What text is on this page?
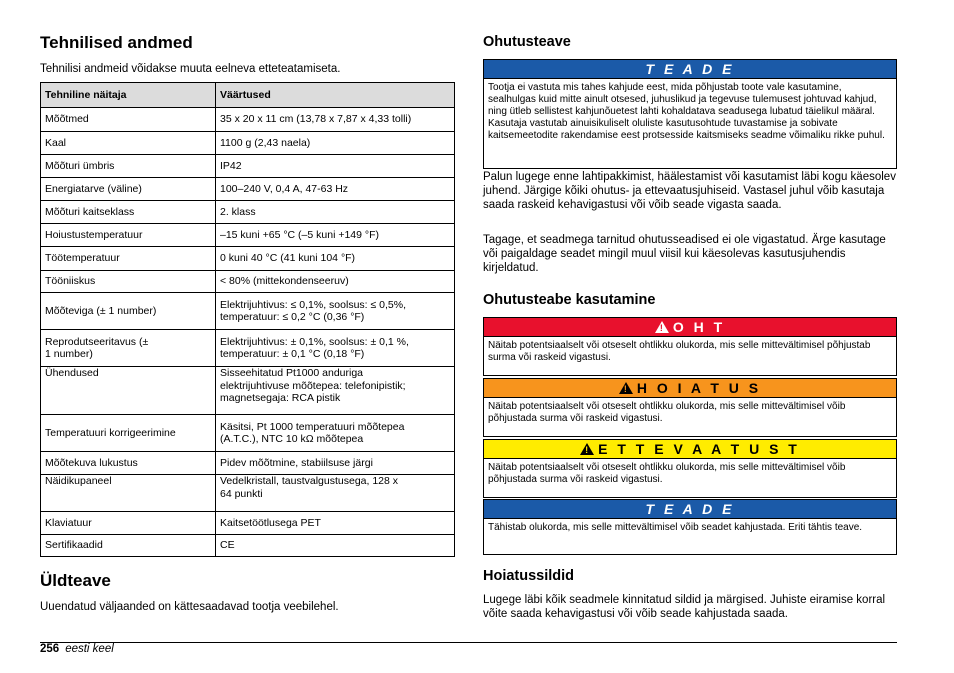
Tehnilised andmed

Tehnilisi andmeid võidakse muuta eelneva etteteatamiseta.

Tehniline näitaja	Väärtused
Mõõtmed	35 x 20 x 11 cm (13,78 x 7,87 x 4,33 tolli)
Kaal	1100 g (2,43 naela)
Mõõturi ümbris	IP42
Energiatarve (väline)	100–240 V, 0,4 A, 47-63 Hz
Mõõturi kaitseklass	2. klass
Hoiustustemperatuur	–15 kuni +65 °C (–5 kuni +149 °F)
Töötemperatuur	0 kuni 40 °C (41 kuni 104 °F)
Tööniiskus	< 80% (mittekondenseeruv)
Mõõteviga (± 1 number)	Elektrijuhtivus: ≤ 0,1%, soolsus: ≤ 0,5%,
temperatuur: ≤ 0,2 °C (0,36 °F)
Reprodutseeritavus (±
1 number)	Elektrijuhtivus: ± 0,1%, soolsus: ± 0,1 %,
temperatuur: ± 0,1 °C (0,18 °F)
Ühendused	Sisseehitatud Pt1000 anduriga
elektrijuhtivuse mõõtepea: telefonipistik;
magnetsegaja: RCA pistik
Temperatuuri korrigeerimine	Käsitsi, Pt 1000 temperatuuri mõõtepea
(A.T.C.), NTC 10 kΩ mõõtepea
Mõõtekuva lukustus	Pidev mõõtmine, stabiilsuse järgi
Näidikupaneel	Vedelkristall, taustvalgustusega, 128 x
64 punkti
Klaviatuur	Kaitsetöötlusega PET
Sertifikaadid	CE
Üldteave

Uuendatud väljaanded on kättesaadavad tootja veebilehel.

Ohutusteave
T E A D E
Tootja ei vastuta mis tahes kahjude eest, mida põhjustab toote vale kasutamine, sealhulgas kuid mitte ainult otsesed, juhuslikud ja tegevuse tulemusest johtuvad kahjud, ning ütleb sellistest kahjunõuetest lahti kohaldatava seadusega lubatud täielikul määral. Kasutaja vastutab ainuisikuliselt oluliste kasutusohtude tuvastamise ja sobivate kaitsemeetodite rakendamise eest protsesside kaitsmiseks seadme võimaliku rikke puhul.

Palun lugege enne lahtipakkimist, häälestamist või kasutamist läbi kogu käesolev juhend. Järgige kõiki ohutus- ja ettevaatusjuhiseid. Vastasel juhul võib kasutaja saada raskeid kehavigastusi või võib seade vigasta saada.

Tagage, et seadmega tarnitud ohutusseadised ei ole vigastatud. Ärge kasutage või paigaldage seadet mingil muul viisil kui käesolevas kasutusjuhendis kirjeldatud.

Ohutusteabe kasutamine
! O H T
Näitab potentsiaalselt või otseselt ohtlikku olukorda, mis selle mittevältimisel põhjustab surma või raskeid vigastusi.
! H O I A T U S
Näitab potentsiaalselt või otseselt ohtlikku olukorda, mis selle mittevältimisel võib põhjustada surma või raskeid vigastusi.
! E T T E V A A T U S T
Näitab potentsiaalselt või otseselt ohtlikku olukorda, mis selle mittevältimisel võib põhjustada surma või raskeid vigastusi.
T E A D E
Tähistab olukorda, mis selle mittevältimisel võib seadet kahjustada. Eriti tähtis teave.
Hoiatussildid

Lugege läbi kõik seadmele kinnitatud sildid ja märgised. Juhiste eiramise korral võite saada kehavigastusi või võib seade kahjustada saada.

256 eesti keel
